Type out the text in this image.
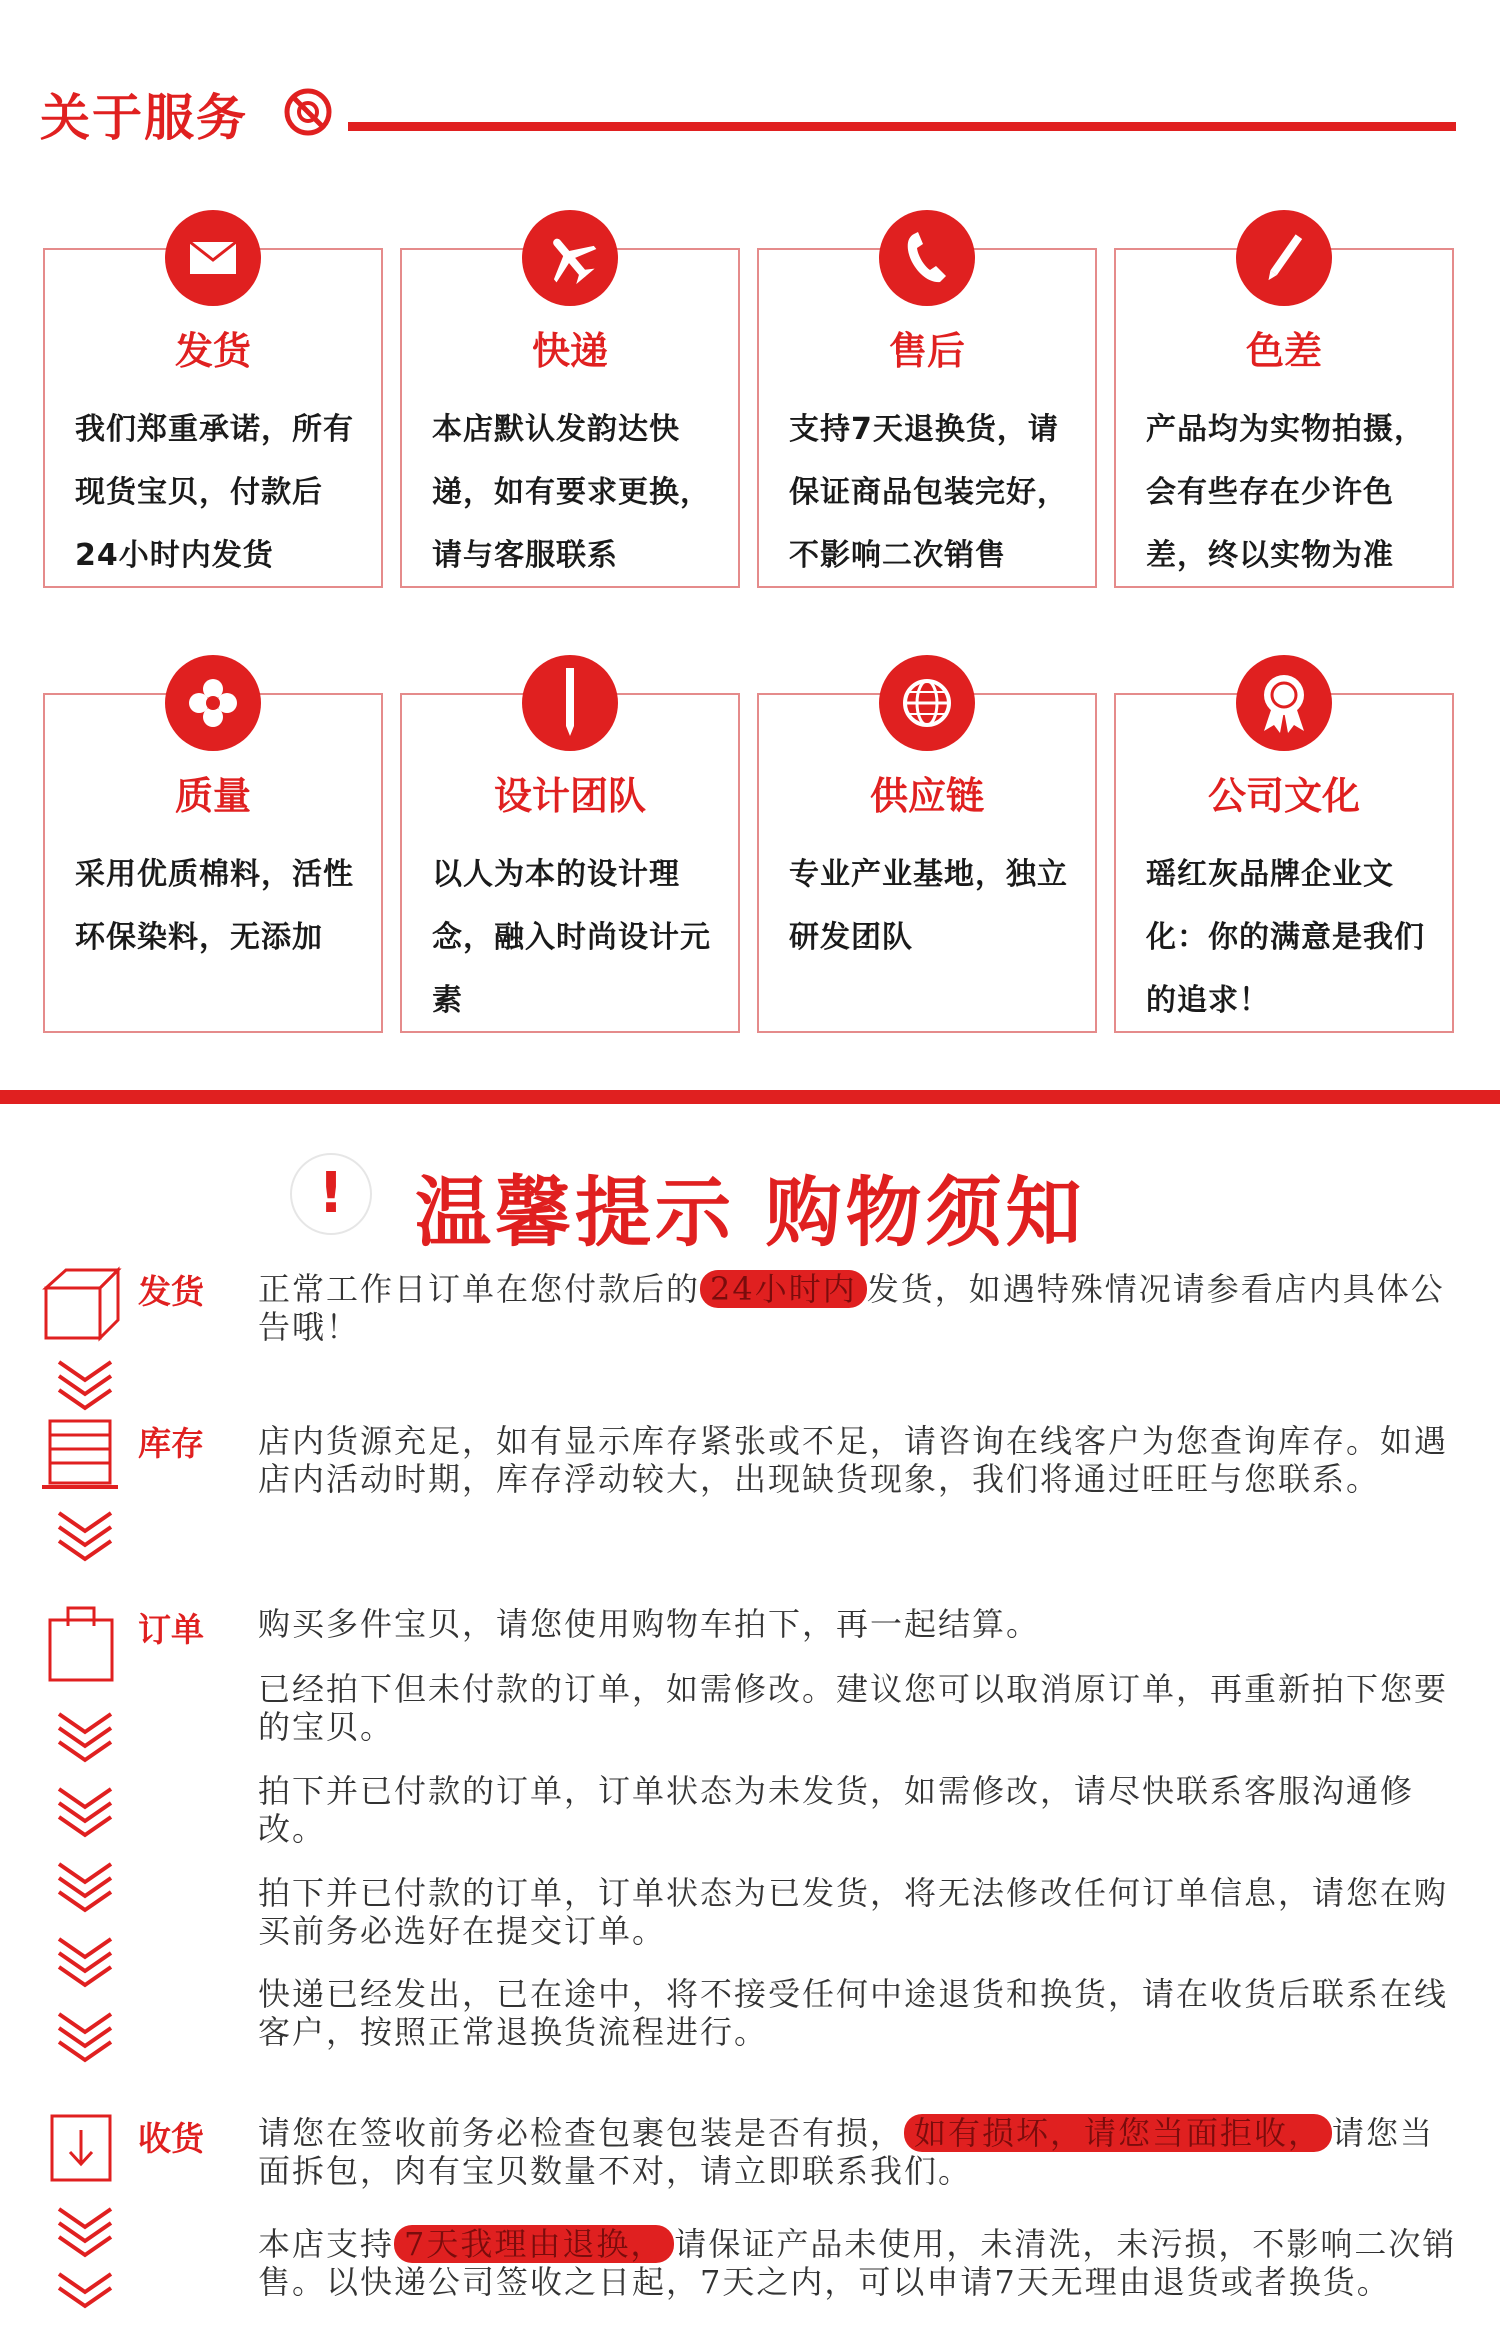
关于服务
发货
我们郑重承诺，所有现货宝贝，付款后24小时内发货
快递
本店默认发韵达快递，如有要求更换，请与客服联系
售后
支持7天退换货，请保证商品包装完好，不影响二次销售
色差
产品均为实物拍摄，会有些存在少许色差，终以实物为准
质量
采用优质棉料，活性环保染料，无添加
设计团队
以人为本的设计理念，融入时尚设计元素
供应链
专业产业基地，独立研发团队
公司文化
瑶红灰品牌企业文化：你的满意是我们的追求！
! 温馨提示 购物须知
发货 正常工作日订单在您付款后的 24小时内 发货，如遇特殊情况请参看店内具体公告哦！
库存 店内货源充足，如有显示库存紧张或不足，请咨询在线客户为您查询库存。如遇店内活动时期，库存浮动较大，出现缺货现象，我们将通过旺旺与您联系。
订单 购买多件宝贝，请您使用购物车拍下，再一起结算。
已经拍下但未付款的订单，如需修改。建议您可以取消原订单，再重新拍下您要的宝贝。
拍下并已付款的订单，订单状态为未发货，如需修改，请尽快联系客服沟通修改。
拍下并已付款的订单，订单状态为已发货，将无法修改任何订单信息，请您在购买前务必选好在提交订单。
快递已经发出，已在途中，将不接受任何中途退货和换货，请在收货后联系在线客户，按照正常退换货流程进行。
收货 请您在签收前务必检查包裹包装是否有损， 如有损坏，请您当面拒收， 请您当面拆包，肉有宝贝数量不对，请立即联系我们。
本店支持 7天我理由退换， 请保证产品未使用，未清洗，未污损，不影响二次销售。以快递公司签收之日起，7天之内，可以申请7天无理由退货或者换货。
